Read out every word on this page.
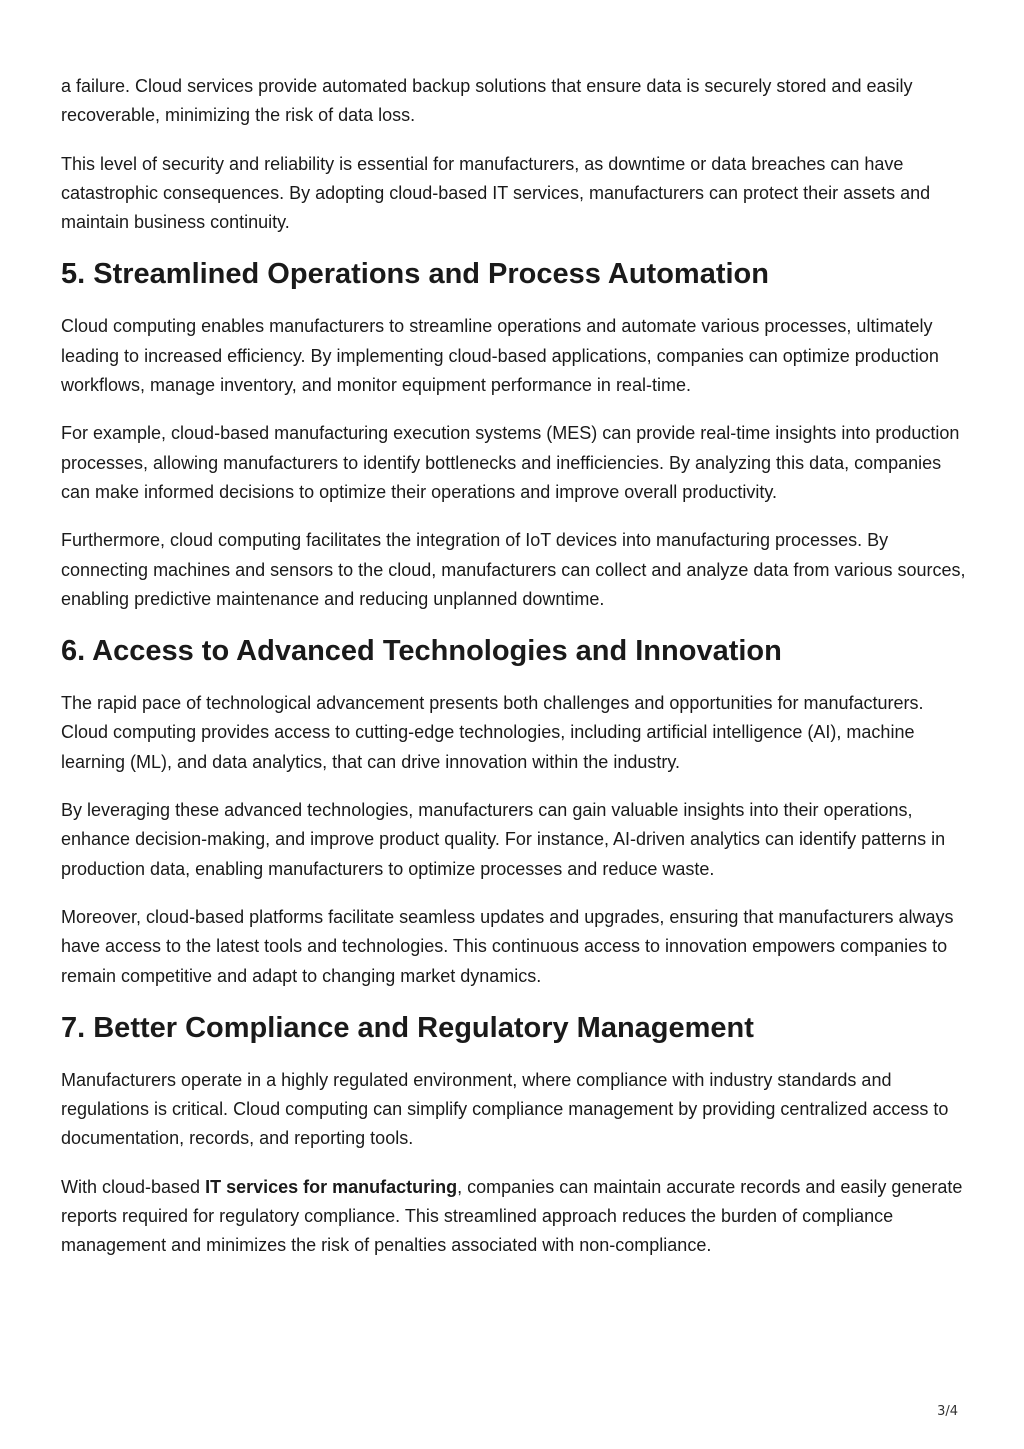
a failure. Cloud services provide automated backup solutions that ensure data is securely stored and easily recoverable, minimizing the risk of data loss.

This level of security and reliability is essential for manufacturers, as downtime or data breaches can have catastrophic consequences. By adopting cloud-based IT services, manufacturers can protect their assets and maintain business continuity.

5. Streamlined Operations and Process Automation

Cloud computing enables manufacturers to streamline operations and automate various processes, ultimately leading to increased efficiency. By implementing cloud-based applications, companies can optimize production workflows, manage inventory, and monitor equipment performance in real-time.

For example, cloud-based manufacturing execution systems (MES) can provide real-time insights into production processes, allowing manufacturers to identify bottlenecks and inefficiencies. By analyzing this data, companies can make informed decisions to optimize their operations and improve overall productivity.

Furthermore, cloud computing facilitates the integration of IoT devices into manufacturing processes. By connecting machines and sensors to the cloud, manufacturers can collect and analyze data from various sources, enabling predictive maintenance and reducing unplanned downtime.

6. Access to Advanced Technologies and Innovation

The rapid pace of technological advancement presents both challenges and opportunities for manufacturers. Cloud computing provides access to cutting-edge technologies, including artificial intelligence (AI), machine learning (ML), and data analytics, that can drive innovation within the industry.

By leveraging these advanced technologies, manufacturers can gain valuable insights into their operations, enhance decision-making, and improve product quality. For instance, AI-driven analytics can identify patterns in production data, enabling manufacturers to optimize processes and reduce waste.

Moreover, cloud-based platforms facilitate seamless updates and upgrades, ensuring that manufacturers always have access to the latest tools and technologies. This continuous access to innovation empowers companies to remain competitive and adapt to changing market dynamics.

7. Better Compliance and Regulatory Management

Manufacturers operate in a highly regulated environment, where compliance with industry standards and regulations is critical. Cloud computing can simplify compliance management by providing centralized access to documentation, records, and reporting tools.

With cloud-based IT services for manufacturing, companies can maintain accurate records and easily generate reports required for regulatory compliance. This streamlined approach reduces the burden of compliance management and minimizes the risk of penalties associated with non-compliance.

3/4
